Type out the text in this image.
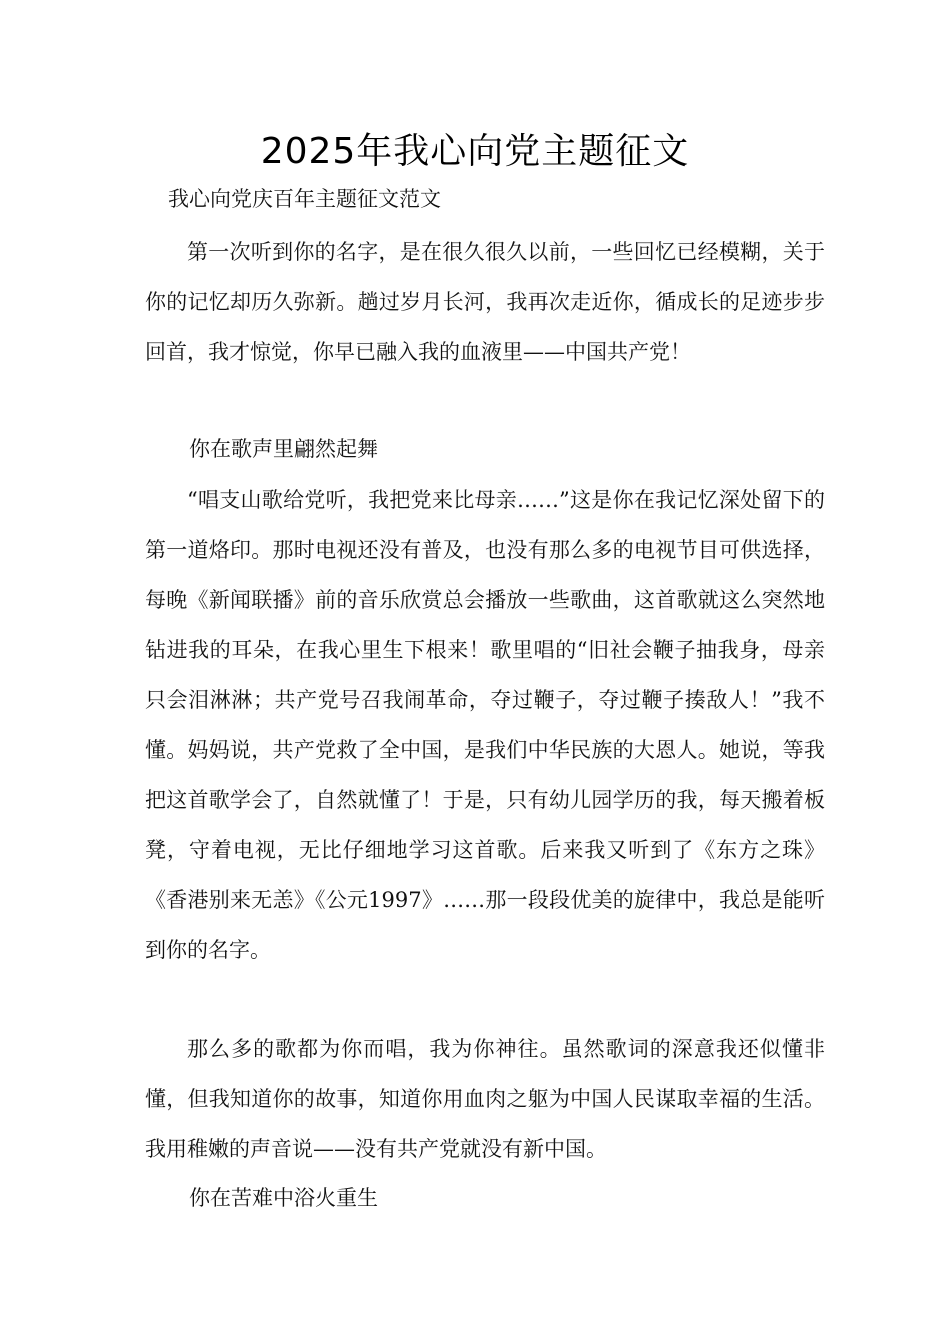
2025年我心向党主题征文
我心向党庆百年主题征文范文

第一次听到你的名字，是在很久很久以前，一些回忆已经模糊，关于你的记忆却历久弥新。趟过岁月长河，我再次走近你，循成长的足迹步步回首，我才惊觉，你早已融入我的血液里——中国共产党！

你在歌声里翩然起舞

“唱支山歌给党听，我把党来比母亲……”这是你在我记忆深处留下的第一道烙印。那时电视还没有普及，也没有那么多的电视节目可供选择，每晚《新闻联播》前的音乐欣赏总会播放一些歌曲，这首歌就这么突然地钻进我的耳朵，在我心里生下根来！歌里唱的“旧社会鞭子抽我身，母亲只会泪淋淋；共产党号召我闹革命，夺过鞭子，夺过鞭子揍敌人！”我不懂。妈妈说，共产党救了全中国，是我们中华民族的大恩人。她说，等我把这首歌学会了，自然就懂了！于是，只有幼儿园学历的我，每天搬着板凳，守着电视，无比仔细地学习这首歌。后来我又听到了《东方之珠》《香港别来无恙》《公元1997》……那一段段优美的旋律中，我总是能听到你的名字。

那么多的歌都为你而唱，我为你神往。虽然歌词的深意我还似懂非懂，但我知道你的故事，知道你用血肉之躯为中国人民谋取幸福的生活。我用稚嫩的声音说——没有共产党就没有新中国。

你在苦难中浴火重生
